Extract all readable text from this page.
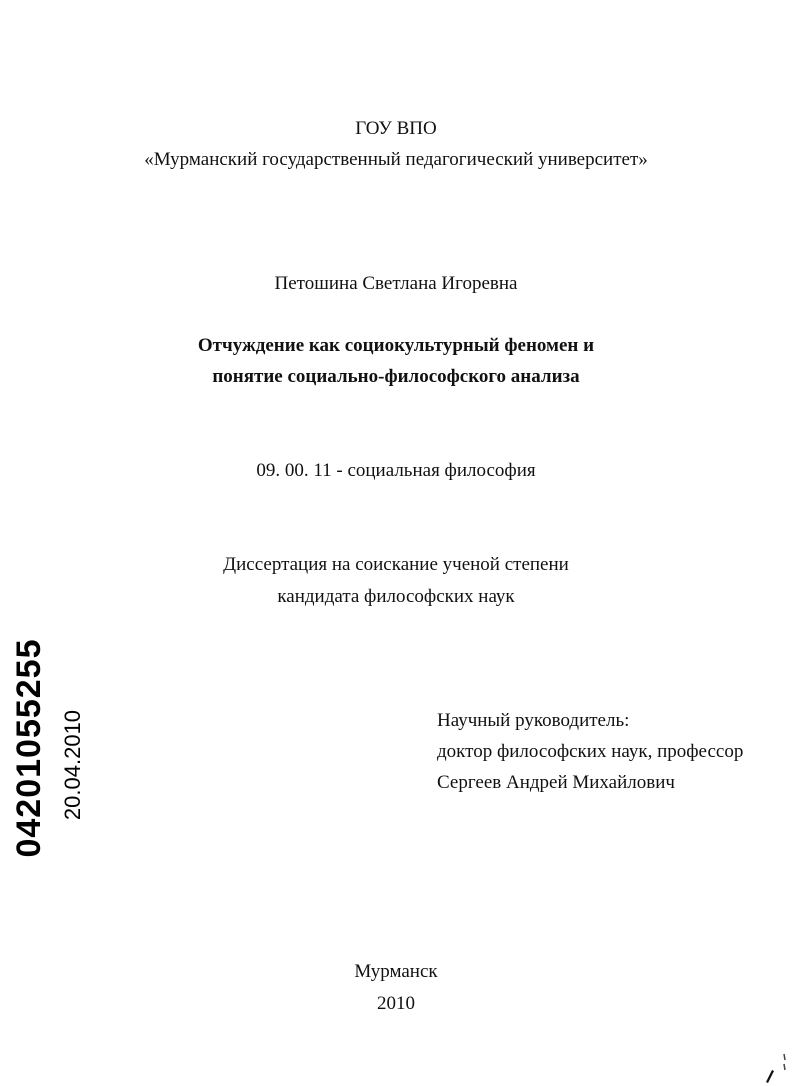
ГОУ ВПО
«Мурманский государственный педагогический университет»
Петошина Светлана Игоревна
Отчуждение как социокультурный феномен и
понятие социально-философского анализа
09. 00. 11 - социальная философия
Диссертация на соискание ученой степени
кандидата философских наук
Научный руководитель:
доктор философских наук, профессор
Сергеев Андрей Михайлович
Мурманск
2010
04201055255 20.04.2010
